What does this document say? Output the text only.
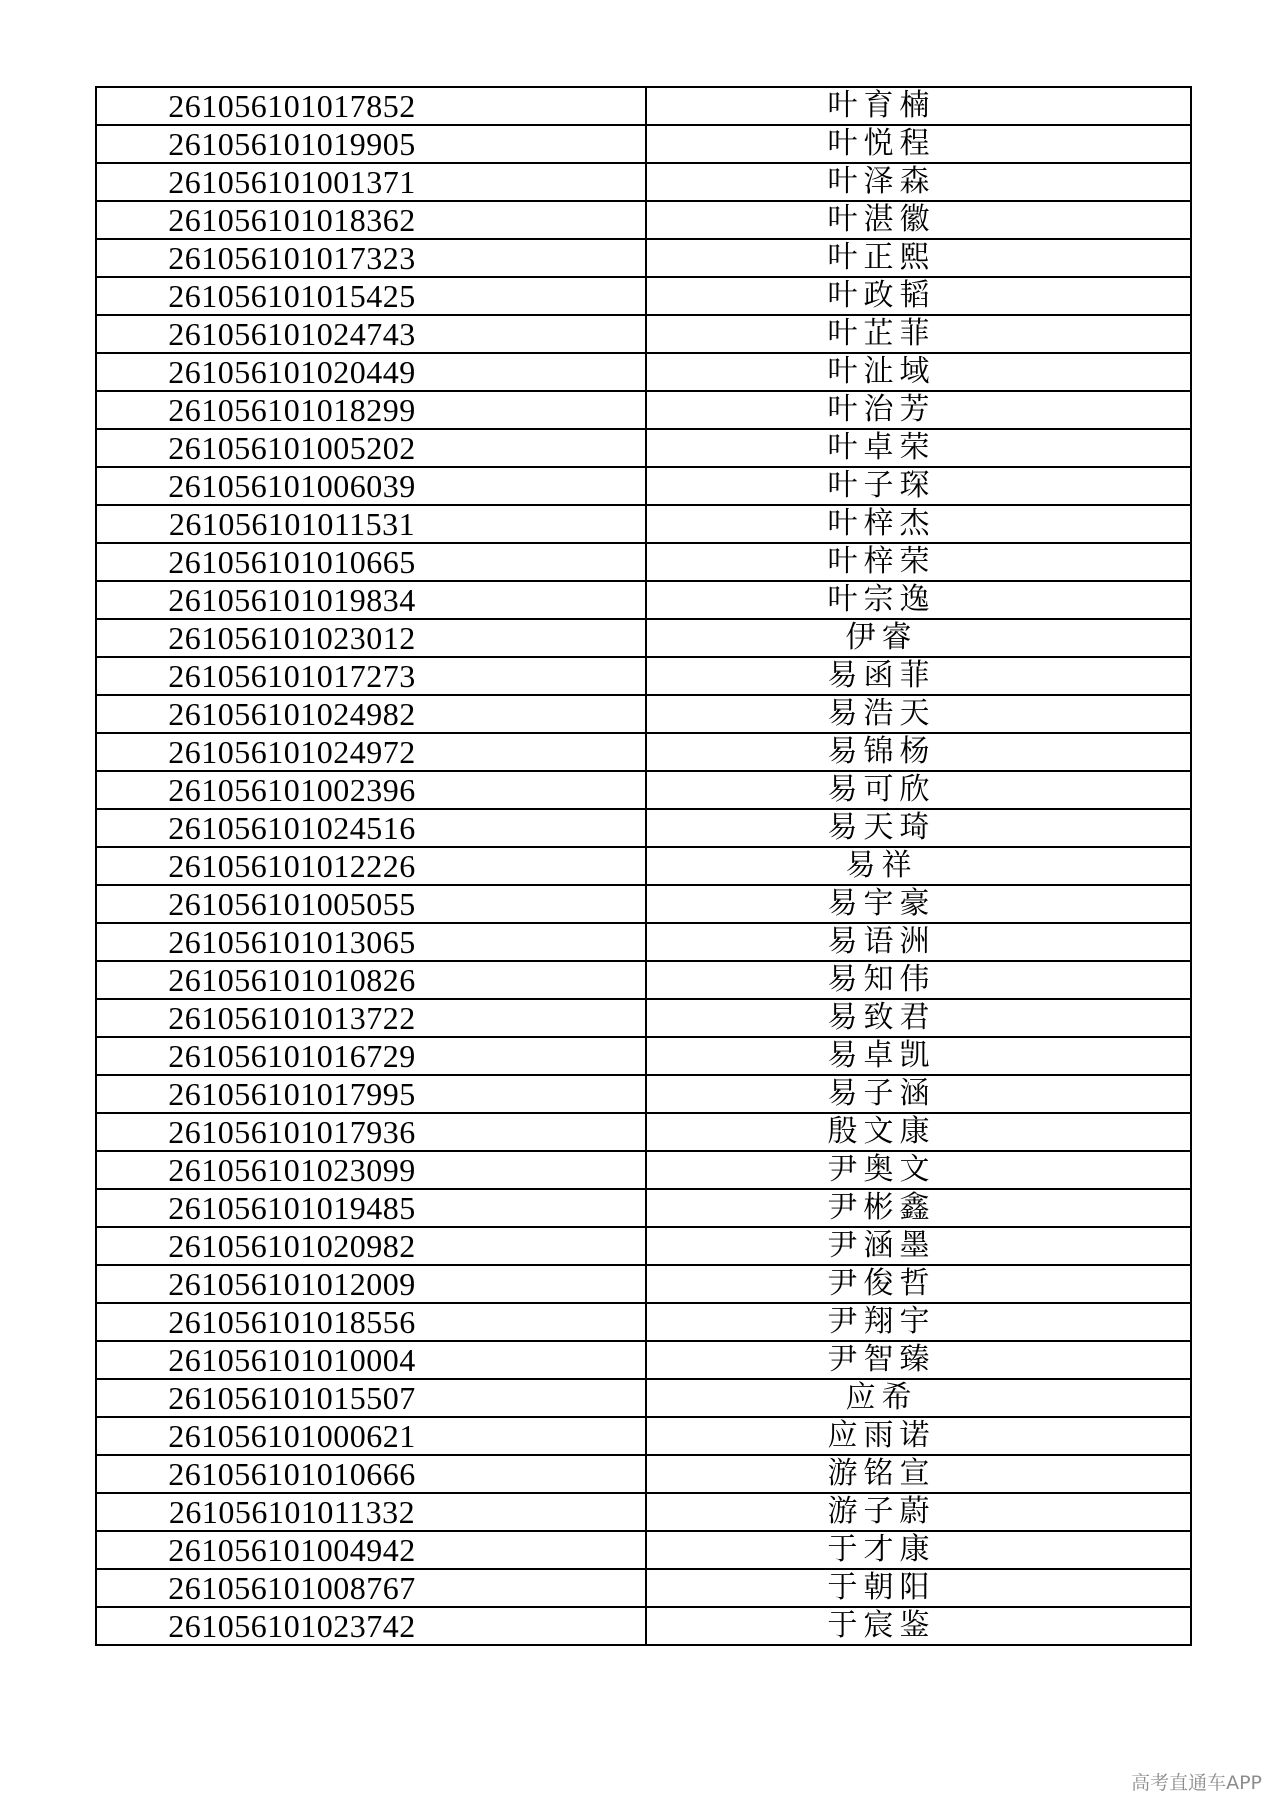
261056101017852	叶育楠
261056101019905	叶悦程
261056101001371	叶泽森
261056101018362	叶湛徽
261056101017323	叶正熙
261056101015425	叶政韬
261056101024743	叶芷菲
261056101020449	叶沚域
261056101018299	叶治芳
261056101005202	叶卓荣
261056101006039	叶子琛
261056101011531	叶梓杰
261056101010665	叶梓荣
261056101019834	叶宗逸
261056101023012	伊睿
261056101017273	易函菲
261056101024982	易浩天
261056101024972	易锦杨
261056101002396	易可欣
261056101024516	易天琦
261056101012226	易祥
261056101005055	易宇豪
261056101013065	易语洲
261056101010826	易知伟
261056101013722	易致君
261056101016729	易卓凯
261056101017995	易子涵
261056101017936	殷文康
261056101023099	尹奥文
261056101019485	尹彬鑫
261056101020982	尹涵墨
261056101012009	尹俊哲
261056101018556	尹翔宇
261056101010004	尹智臻
261056101015507	应希
261056101000621	应雨诺
261056101010666	游铭宣
261056101011332	游子蔚
261056101004942	于才康
261056101008767	于朝阳
261056101023742	于宸鉴
高考直通车APP
